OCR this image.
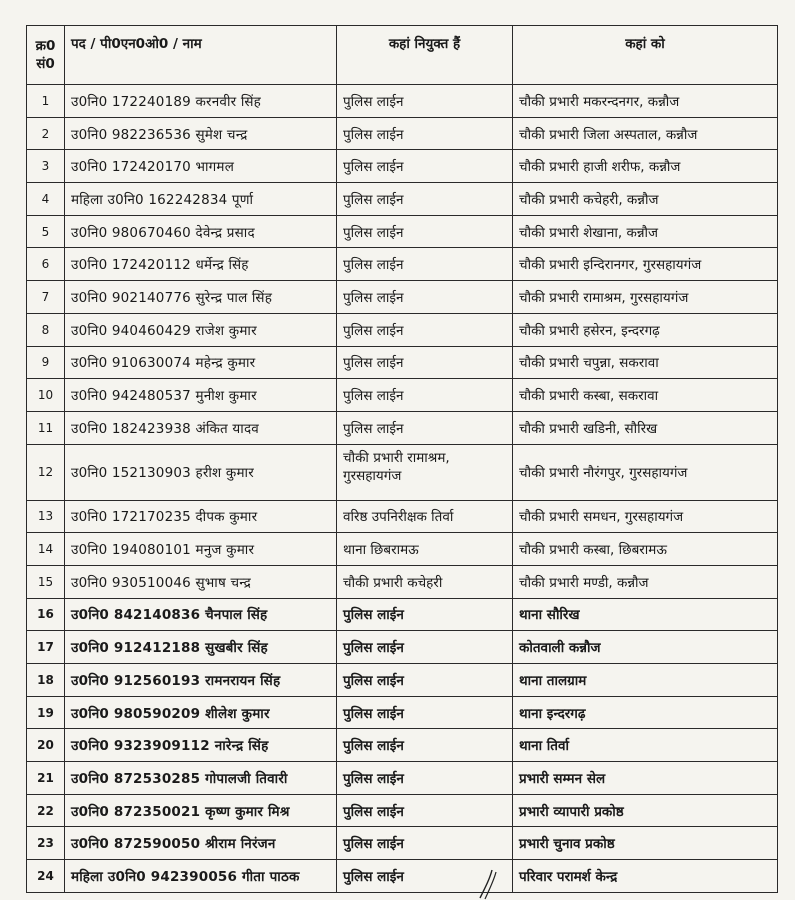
क्र0
सं0	पद / पी0एन0ओ0 / नाम	कहां नियुक्त हैं	कहां को
1	उ0नि0 172240189 करनवीर सिंह	पुलिस लाईन	चौकी प्रभारी मकरन्दनगर, कन्नौज
2	उ0नि0 982236536 सुमेश चन्द्र	पुलिस लाईन	चौकी प्रभारी जिला अस्पताल, कन्नौज
3	उ0नि0 172420170 भागमल	पुलिस लाईन	चौकी प्रभारी हाजी शरीफ, कन्नौज
4	महिला उ0नि0 162242834 पूर्णा	पुलिस लाईन	चौकी प्रभारी कचेहरी, कन्नौज
5	उ0नि0 980670460 देवेन्द्र प्रसाद	पुलिस लाईन	चौकी प्रभारी शेखाना, कन्नौज
6	उ0नि0 172420112 धर्मेन्द्र सिंह	पुलिस लाईन	चौकी प्रभारी इन्दिरानगर, गुरसहायगंज
7	उ0नि0 902140776 सुरेन्द्र पाल सिंह	पुलिस लाईन	चौकी प्रभारी रामाश्रम, गुरसहायगंज
8	उ0नि0 940460429 राजेश कुमार	पुलिस लाईन	चौकी प्रभारी हसेरन, इन्दरगढ़
9	उ0नि0 910630074 महेन्द्र कुमार	पुलिस लाईन	चौकी प्रभारी चपुन्ना, सकरावा
10	उ0नि0 942480537 मुनीश कुमार	पुलिस लाईन	चौकी प्रभारी कस्बा, सकरावा
11	उ0नि0 182423938 अंकित यादव	पुलिस लाईन	चौकी प्रभारी खडिनी, सौरिख
12	उ0नि0 152130903 हरीश कुमार	चौकी प्रभारी रामाश्रम, गुरसहायगंज	चौकी प्रभारी नौरंगपुर, गुरसहायगंज
13	उ0नि0 172170235 दीपक कुमार	वरिष्ठ उपनिरीक्षक तिर्वा	चौकी प्रभारी समधन, गुरसहायगंज
14	उ0नि0 194080101 मनुज कुमार	थाना छिबरामऊ	चौकी प्रभारी कस्बा, छिबरामऊ
15	उ0नि0 930510046 सुभाष चन्द्र	चौकी प्रभारी कचेहरी	चौकी प्रभारी मण्डी, कन्नौज
16	उ0नि0 842140836 चैनपाल सिंह	पुलिस लाईन	थाना सौरिख
17	उ0नि0 912412188 सुखबीर सिंह	पुलिस लाईन	कोतवाली कन्नौज
18	उ0नि0 912560193 रामनरायन सिंह	पुलिस लाईन	थाना तालग्राम
19	उ0नि0 980590209 शीलेश कुमार	पुलिस लाईन	थाना इन्दरगढ़
20	उ0नि0 9323909112 नारेन्द्र सिंह	पुलिस लाईन	थाना तिर्वा
21	उ0नि0 872530285 गोपालजी तिवारी	पुलिस लाईन	प्रभारी सम्मन सेल
22	उ0नि0 872350021 कृष्ण कुमार मिश्र	पुलिस लाईन	प्रभारी व्यापारी प्रकोष्ठ
23	उ0नि0 872590050 श्रीराम निरंजन	पुलिस लाईन	प्रभारी चुनाव प्रकोष्ठ
24	महिला उ0नि0 942390056 गीता पाठक	पुलिस लाईन	परिवार परामर्श केन्द्र
